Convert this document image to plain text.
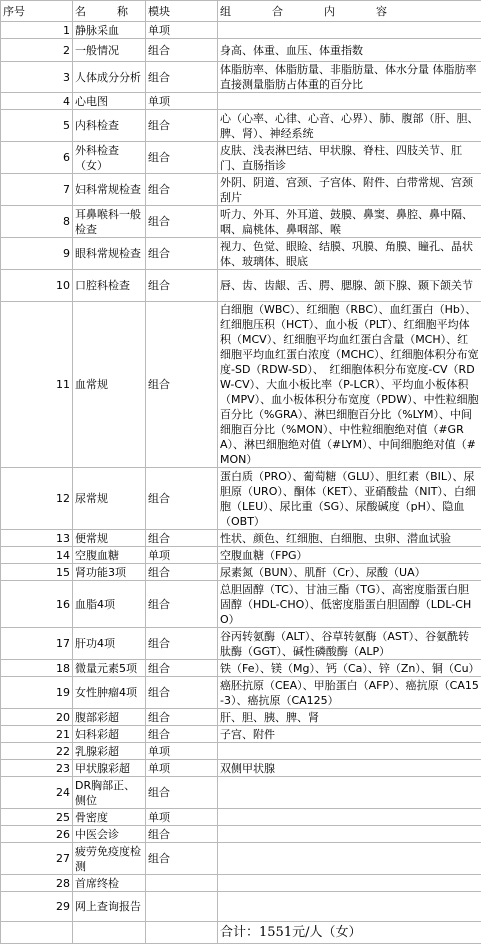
序号	名　称	模块	组　合　内　容
1	静脉采血	单项	
2	一般情况	组合	身高、体重、血压、体重指数
3	人体成分分析	组合	体脂肪率、体脂肪量、非脂肪量、体水分量 体脂肪率直接测量脂肪占体重的百分比
4	心电图	单项	
5	内科检查	组合	心（心率、心律、心音、心界）、肺、腹部（肝、胆、脾、肾）、神经系统
6	外科检查（女）	组合	皮肤、浅表淋巴结、甲状腺、脊柱、四肢关节、肛门、直肠指诊
7	妇科常规检查	组合	外阴、阴道、宫颈、子宫体、附件、白带常规、宫颈刮片
8	耳鼻喉科一般检查	组合	听力、外耳、外耳道、鼓膜、鼻窦、鼻腔、鼻中隔、咽、扁桃体、鼻咽部、喉
9	眼科常规检查	组合	视力、色觉、眼睑、结膜、巩膜、角膜、瞳孔、晶状体、玻璃体、眼底
10	口腔科检查	组合	唇、齿、齿龈、舌、腭、腮腺、颌下腺、颞下颌关节
11	血常规	组合	白细胞（WBC）、红细胞（RBC）、血红蛋白（Hb）、红细胞压积（HCT）、血小板（PLT）、红细胞平均体积（MCV）、红细胞平均血红蛋白含量（MCH）、红细胞平均血红蛋白浓度（MCHC）、红细胞体积分布宽度-SD（RDW-SD）、　红细胞体积分布宽度-CV（RDW-CV）、大血小板比率（P-LCR）、平均血小板体积（MPV）、血小板体积分布宽度（PDW）、中性粒细胞百分比（%GRA）、淋巴细胞百分比（%LYM）、中间细胞百分比（%MON）、中性粒细胞绝对值（#GRA）、淋巴细胞绝对值（#LYM）、中间细胞绝对值（#MON）
12	尿常规	组合	蛋白质（PRO）、葡萄糖（GLU）、胆红素（BIL）、尿胆原（URO）、酮体（KET）、亚硝酸盐（NIT）、白细胞（LEU）、尿比重（SG）、尿酸碱度（pH）、隐血（OBT）
13	便常规	组合	性状、颜色、红细胞、白细胞、虫卵、潜血试验
14	空腹血糖	单项	空腹血糖（FPG）
15	肾功能3项	组合	尿素氮（BUN）、肌酐（Cr）、尿酸（UA）
16	血脂4项	组合	总胆固醇（TC）、甘油三酯（TG）、高密度脂蛋白胆固醇（HDL-CHO）、低密度脂蛋白胆固醇（LDL-CHO）
17	肝功4项	组合	谷丙转氨酶（ALT）、谷草转氨酶（AST）、谷氨酰转肽酶（GGT）、碱性磷酸酶（ALP）
18	微量元素5项	组合	铁（Fe）、镁（Mg）、钙（Ca）、锌（Zn）、铜（Cu）
19	女性肿瘤4项	组合	癌胚抗原（CEA）、甲胎蛋白（AFP）、癌抗原（CA15-3）、癌抗原（CA125）
20	腹部彩超	组合	肝、胆、胰、脾、肾
21	妇科彩超	组合	子宫、附件
22	乳腺彩超	单项	
23	甲状腺彩超	单项	双侧甲状腺
24	DR胸部正、侧位	组合	
25	骨密度	单项	
26	中医会诊	组合	
27	疲劳免疫度检测	组合	
28	首席终检		
29	网上查询报告		
			合计：1551元/人（女）
